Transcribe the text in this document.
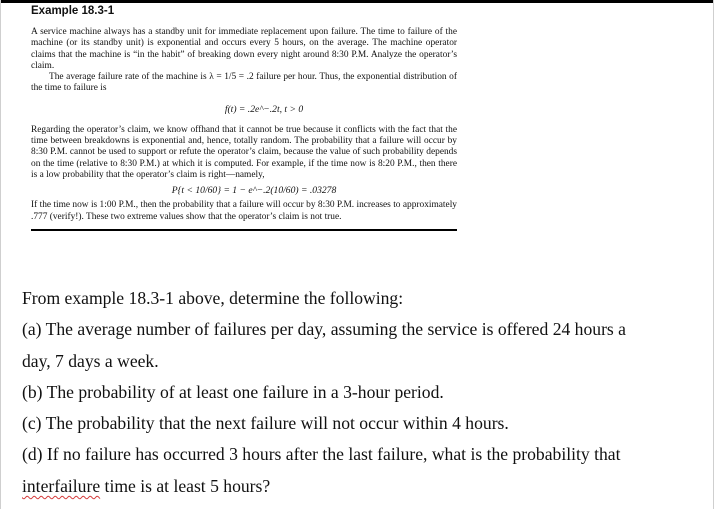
Example 18.3-1

A service machine always has a standby unit for immediate replacement upon failure. The time to failure of the machine (or its standby unit) is exponential and occurs every 5 hours, on the average. The machine operator claims that the machine is “in the habit” of breaking down every night around 8:30 P.M. Analyze the operator’s claim.

The average failure rate of the machine is λ = 1/5 = .2 failure per hour. Thus, the exponential distribution of the time to failure is

f(t) = .2e^−.2t, t > 0

Regarding the operator’s claim, we know offhand that it cannot be true because it conflicts with the fact that the time between breakdowns is exponential and, hence, totally random. The probability that a failure will occur by 8:30 P.M. cannot be used to support or refute the operator’s claim, because the value of such probability depends on the time (relative to 8:30 P.M.) at which it is computed. For example, if the time now is 8:20 P.M., then there is a low probability that the operator’s claim is right—namely,

P{t < 10/60} = 1 − e^−.2(10/60) = .03278

If the time now is 1:00 P.M., then the probability that a failure will occur by 8:30 P.M. increases to approximately .777 (verify!). These two extreme values show that the operator’s claim is not true.

From example 18.3-1 above, determine the following:

(a) The average number of failures per day, assuming the service is offered 24 hours a

day, 7 days a week.

(b) The probability of at least one failure in a 3-hour period.

(c) The probability that the next failure will not occur within 4 hours.

(d) If no failure has occurred 3 hours after the last failure, what is the probability that

interfailure time is at least 5 hours?
